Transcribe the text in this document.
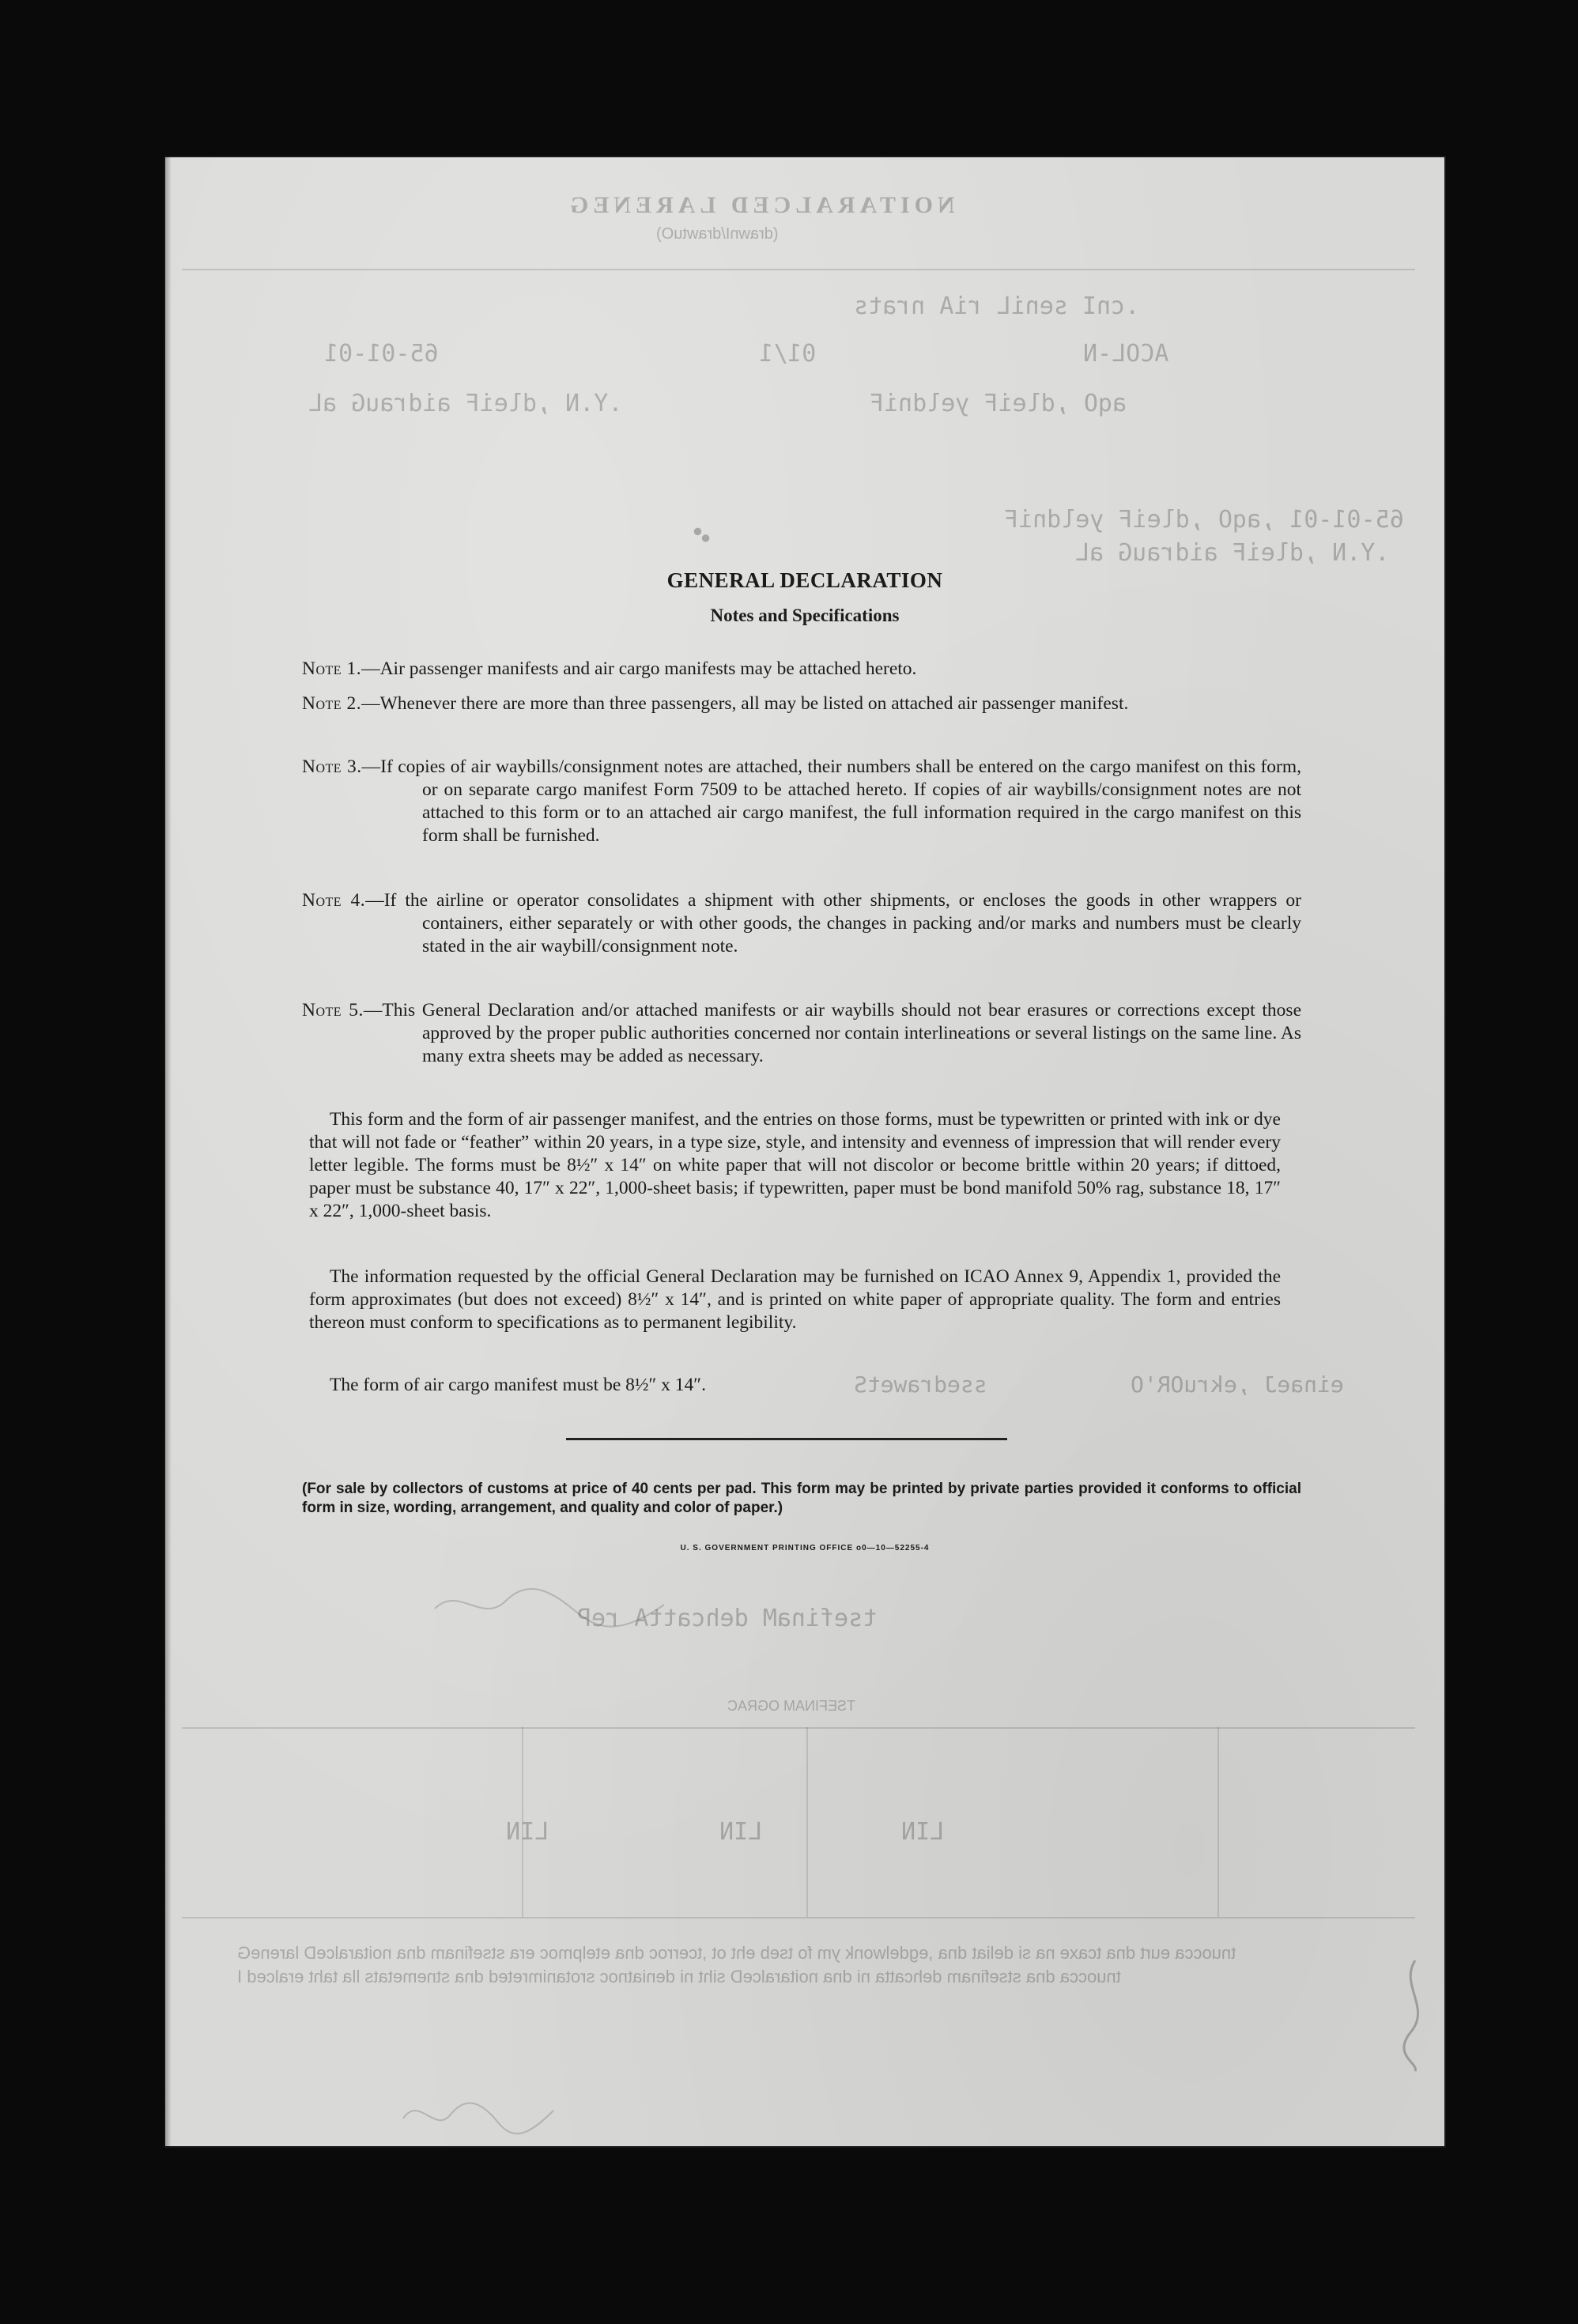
NOITARALCED LARENEG
(drawnI/drawtuO)
.cnI seniL riA nrats
ACOL-N
01/1
65-01-01
aqO ,dleiF yeldniF
.Y.N ,dleiF aidrauG aL
65-01-01 ,aqO ,dleiF yeldniF
.Y.N ,dleiF aidrauG aL
einaeJ ,ekruOR'O
ssedrawetS
tsefinaM dehcattA reP
TSEFINAM OGRAC
LIN
LIN
LIN
tnuocca eurt dna tcaxe na si deliat dna ,egdelwonk ym fo tseb eht ot ,tcerroc dna etelpmoc era stsefinam dna noitaralceD lareneG
tnuocca dna stsefinam dehcatta ni dna noitaralceD siht ni deniatnoc srotanimreted dna stnemetats lla taht eralced I
●●
GENERAL DECLARATION
Notes and Specifications
Note 1.—Air passenger manifests and air cargo manifests may be attached hereto.
Note 2.—Whenever there are more than three passengers, all may be listed on attached air passenger manifest.
Note 3.—If copies of air waybills/consignment notes are attached, their numbers shall be entered on the cargo manifest on this form, or on separate cargo manifest Form 7509 to be attached hereto. If copies of air waybills/consignment notes are not attached to this form or to an attached air cargo manifest, the full information required in the cargo manifest on this form shall be furnished.
Note 4.—If the airline or operator consolidates a shipment with other shipments, or encloses the goods in other wrappers or containers, either separately or with other goods, the changes in packing and/or marks and numbers must be clearly stated in the air waybill/consignment note.
Note 5.—This General Declaration and/or attached manifests or air waybills should not bear erasures or corrections except those approved by the proper public authorities concerned nor contain interlineations or several listings on the same line. As many extra sheets may be added as necessary.
This form and the form of air passenger manifest, and the entries on those forms, must be typewritten or printed with ink or dye that will not fade or “feather” within 20 years, in a type size, style, and intensity and evenness of impression that will render every letter legible. The forms must be 8½″ x 14″ on white paper that will not discolor or become brittle within 20 years; if dittoed, paper must be substance 40, 17″ x 22″, 1,000-sheet basis; if typewritten, paper must be bond manifold 50% rag, substance 18, 17″ x 22″, 1,000-sheet basis.
The information requested by the official General Declaration may be furnished on ICAO Annex 9, Appendix 1, provided the form approximates (but does not exceed) 8½″ x 14″, and is printed on white paper of appropriate quality. The form and entries thereon must conform to specifications as to permanent legibility.
The form of air cargo manifest must be 8½″ x 14″.
(For sale by collectors of customs at price of 40 cents per pad. This form may be printed by private parties provided it conforms to official form in size, wording, arrangement, and quality and color of paper.)
U. S. GOVERNMENT PRINTING OFFICE o0—10—52255-4
